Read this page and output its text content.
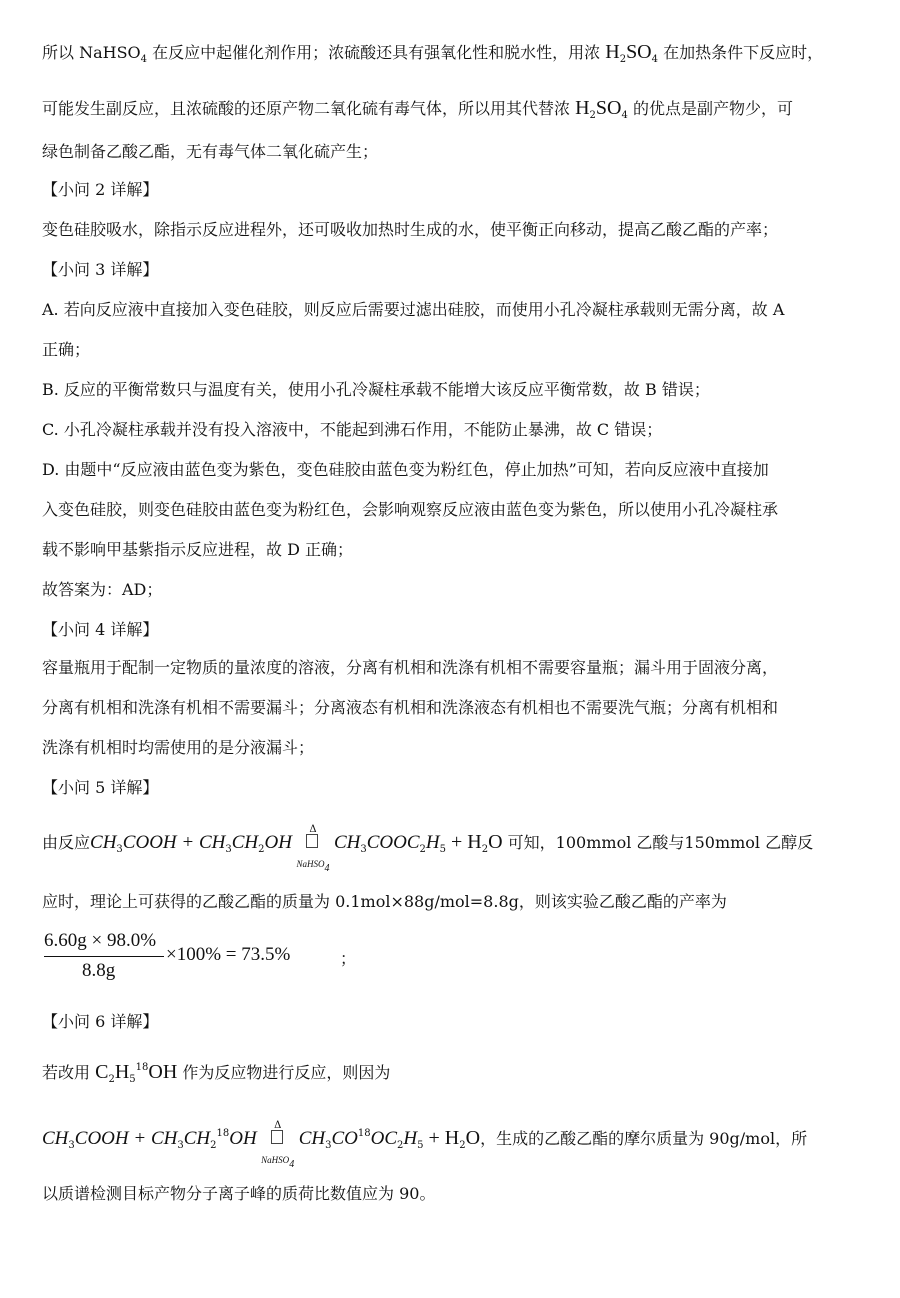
所以 NaHSO$_4$ 在反应中起催化剂作用；浓硫酸还具有强氧化性和脱水性，用浓 $H_2SO_4$ 在加热条件下反应时，
可能发生副反应，且浓硫酸的还原产物二氧化硫有毒气体，所以用其代替浓 $H_2SO_4$ 的优点是副产物少，可
绿色制备乙酸乙酯，无有毒气体二氧化硫产生；
【小问 2 详解】
变色硅胶吸水，除指示反应进程外，还可吸收加热时生成的水，使平衡正向移动，提高乙酸乙酯的产率；
【小问 3 详解】
A. 若向反应液中直接加入变色硅胶，则反应后需要过滤出硅胶，而使用小孔冷凝柱承载则无需分离，故 A
正确；
B. 反应的平衡常数只与温度有关，使用小孔冷凝柱承载不能增大该反应平衡常数，故 B 错误；
C. 小孔冷凝柱承载并没有投入溶液中，不能起到沸石作用，不能防止暴沸，故 C 错误；
D. 由题中“反应液由蓝色变为紫色，变色硅胶由蓝色变为粉红色，停止加热”可知，若向反应液中直接加
入变色硅胶，则变色硅胶由蓝色变为粉红色，会影响观察反应液由蓝色变为紫色，所以使用小孔冷凝柱承
载不影响甲基紫指示反应进程，故 D 正确；
故答案为：AD；
【小问 4 详解】
容量瓶用于配制一定物质的量浓度的溶液，分离有机相和洗涤有机相不需要容量瓶；漏斗用于固液分离，
分离有机相和洗涤有机相不需要漏斗；分离液态有机相和洗涤液态有机相也不需要洗气瓶；分离有机相和
洗涤有机相时均需使用的是分液漏斗；
【小问 5 详解】
由反应$CH_3COOH + CH_3CH_2OH$
Δ
NaHSO4
$CH_3COOC_2H_5 + H_2O$ 可知，100mmol 乙酸与150mmol 乙醇反
应时，理论上可获得的乙酸乙酯的质量为 0.1mol×88g/mol=8.8g，则该实验乙酸乙酯的产率为
6.60g × 98.0%
8.8g
×100% = 73.5%	；
【小问 6 详解】
若改用 $C_2H_5^{18}OH$ 作为反应物进行反应，则因为
$CH_3COOH + CH_3CH_2^{18}OH$
Δ
NaHSO4
$CH_3CO^{18}OC_2H_5 + H_2O$，生成的乙酸乙酯的摩尔质量为 90g/mol，所
以质谱检测目标产物分子离子峰的质荷比数值应为 90。
